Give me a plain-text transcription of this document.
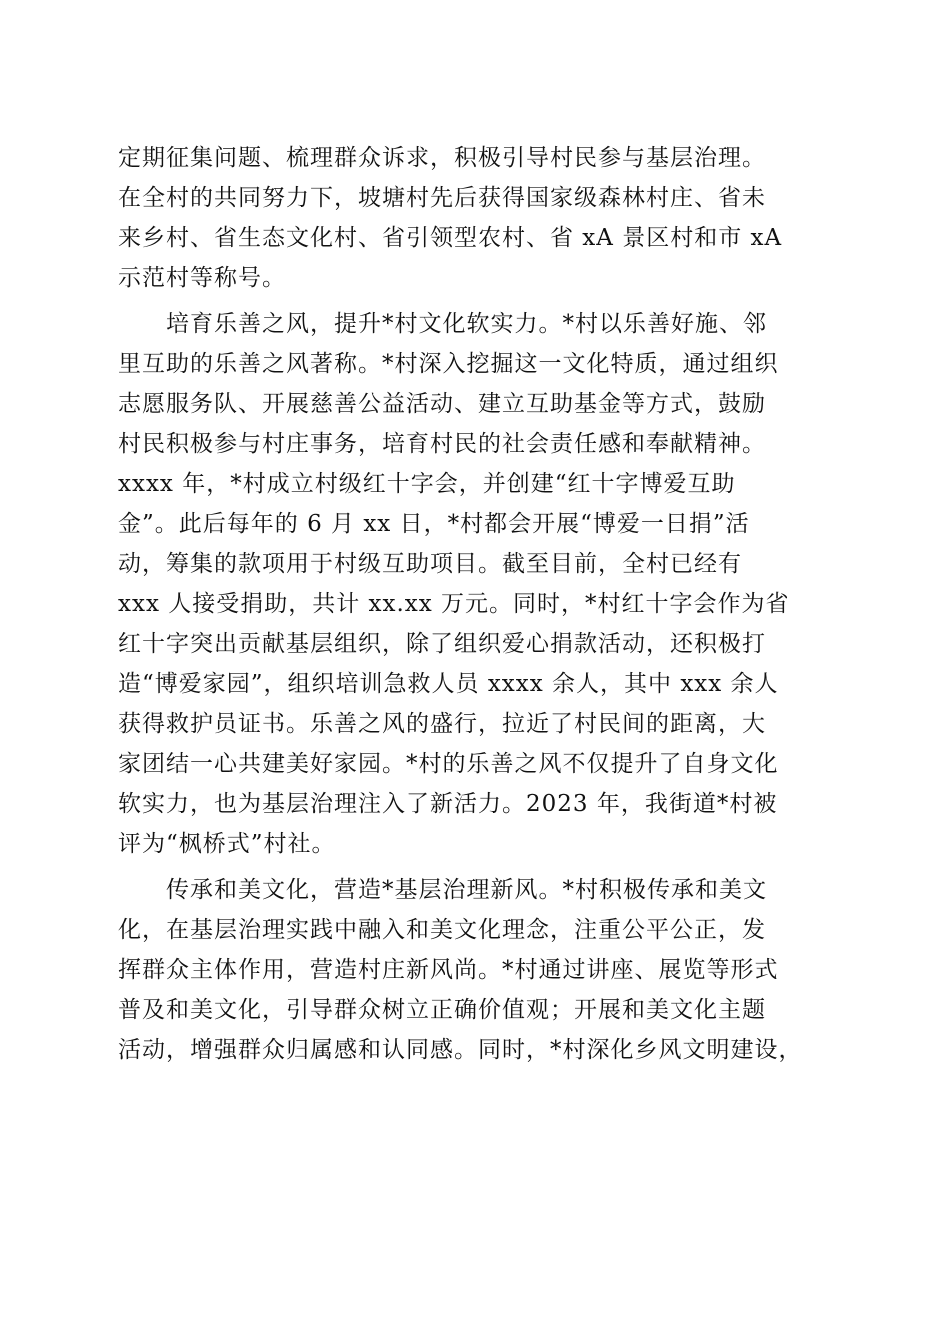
定期征集问题、梳理群众诉求，积极引导村民参与基层治理。
在全村的共同努力下，坡塘村先后获得国家级森林村庄、省未
来乡村、省生态文化村、省引领型农村、省 xA 景区村和市 xA
示范村等称号。
培育乐善之风，提升*村文化软实力。*村以乐善好施、邻
里互助的乐善之风著称。*村深入挖掘这一文化特质，通过组织
志愿服务队、开展慈善公益活动、建立互助基金等方式，鼓励
村民积极参与村庄事务，培育村民的社会责任感和奉献精神。
xxxx 年，*村成立村级红十字会，并创建“红十字博爱互助
金”。此后每年的 6 月 xx 日，*村都会开展“博爱一日捐”活
动，筹集的款项用于村级互助项目。截至目前，全村已经有
xxx 人接受捐助，共计 xx.xx 万元。同时，*村红十字会作为省
红十字突出贡献基层组织，除了组织爱心捐款活动，还积极打
造“博爱家园”，组织培训急救人员 xxxx 余人，其中 xxx 余人
获得救护员证书。乐善之风的盛行，拉近了村民间的距离，大
家团结一心共建美好家园。*村的乐善之风不仅提升了自身文化
软实力，也为基层治理注入了新活力。2023 年，我街道*村被
评为“枫桥式”村社。
传承和美文化，营造*基层治理新风。*村积极传承和美文
化，在基层治理实践中融入和美文化理念，注重公平公正，发
挥群众主体作用，营造村庄新风尚。*村通过讲座、展览等形式
普及和美文化，引导群众树立正确价值观；开展和美文化主题
活动，增强群众归属感和认同感。同时，*村深化乡风文明建设，
